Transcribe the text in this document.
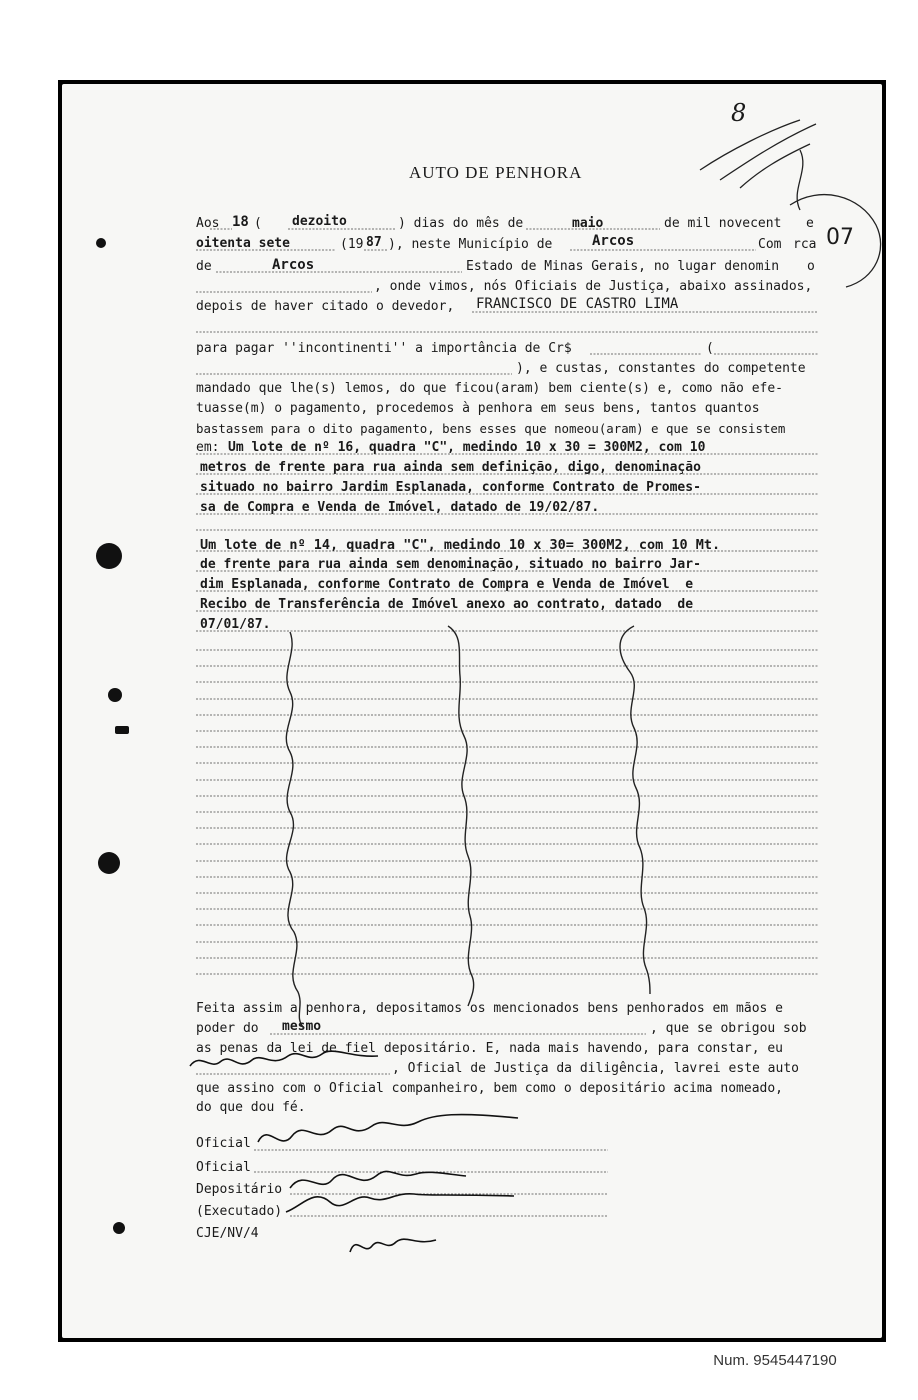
AUTO DE PENHORA
Aos 18 ( dezoito	) dias do mês de	maio	de mil novecent e
oitenta sete	(19 87 ), neste Município de	Arcos	Com rca
de	Arcos	Estado de Minas Gerais, no lugar denomin o
, onde vimos, nós Oficiais de Justiça, abaixo assinados,
depois de haver citado o devedor, FRANCISCO DE CASTRO LIMA
para pagar ''incontinenti'' a importância de Cr$	(
), e custas, constantes do competente
mandado que lhe(s) lemos, do que ficou(aram) bem ciente(s) e, como não efe-
tuasse(m) o pagamento, procedemos à penhora em seus bens, tantos quantos
bastassem para o dito pagamento, bens esses que nomeou(aram) e que se consistem
em: Um lote de nº 16, quadra "C", medindo 10 x 30 = 300M2, com 10
metros de frente para rua ainda sem definição, digo, denominação
situado no bairro Jardim Esplanada, conforme Contrato de Promes-
sa de Compra e Venda de Imóvel, datado de 19/02/87.
Um lote de nº 14, quadra "C", medindo 10 x 30= 300M2, com 10 Mt.
de frente para rua ainda sem denominação, situado no bairro Jar-
dim Esplanada, conforme Contrato de Compra e Venda de Imóvel  e
Recibo de Transferência de Imóvel anexo ao contrato, datado  de
07/01/87.
Feita assim a penhora, depositamos os mencionados bens penhorados em mãos e
poder do mesmo	, que se obrigou sob
as penas da lei de fiel depositário. E, nada mais havendo, para constar, eu
, Oficial de Justiça da diligência, lavrei este auto
que assino com o Oficial companheiro, bem como o depositário acima nomeado,
do que dou fé.
Oficial
Oficial
Depositário
(Executado)
CJE/NV/4
8
07
Num. 9545447190
